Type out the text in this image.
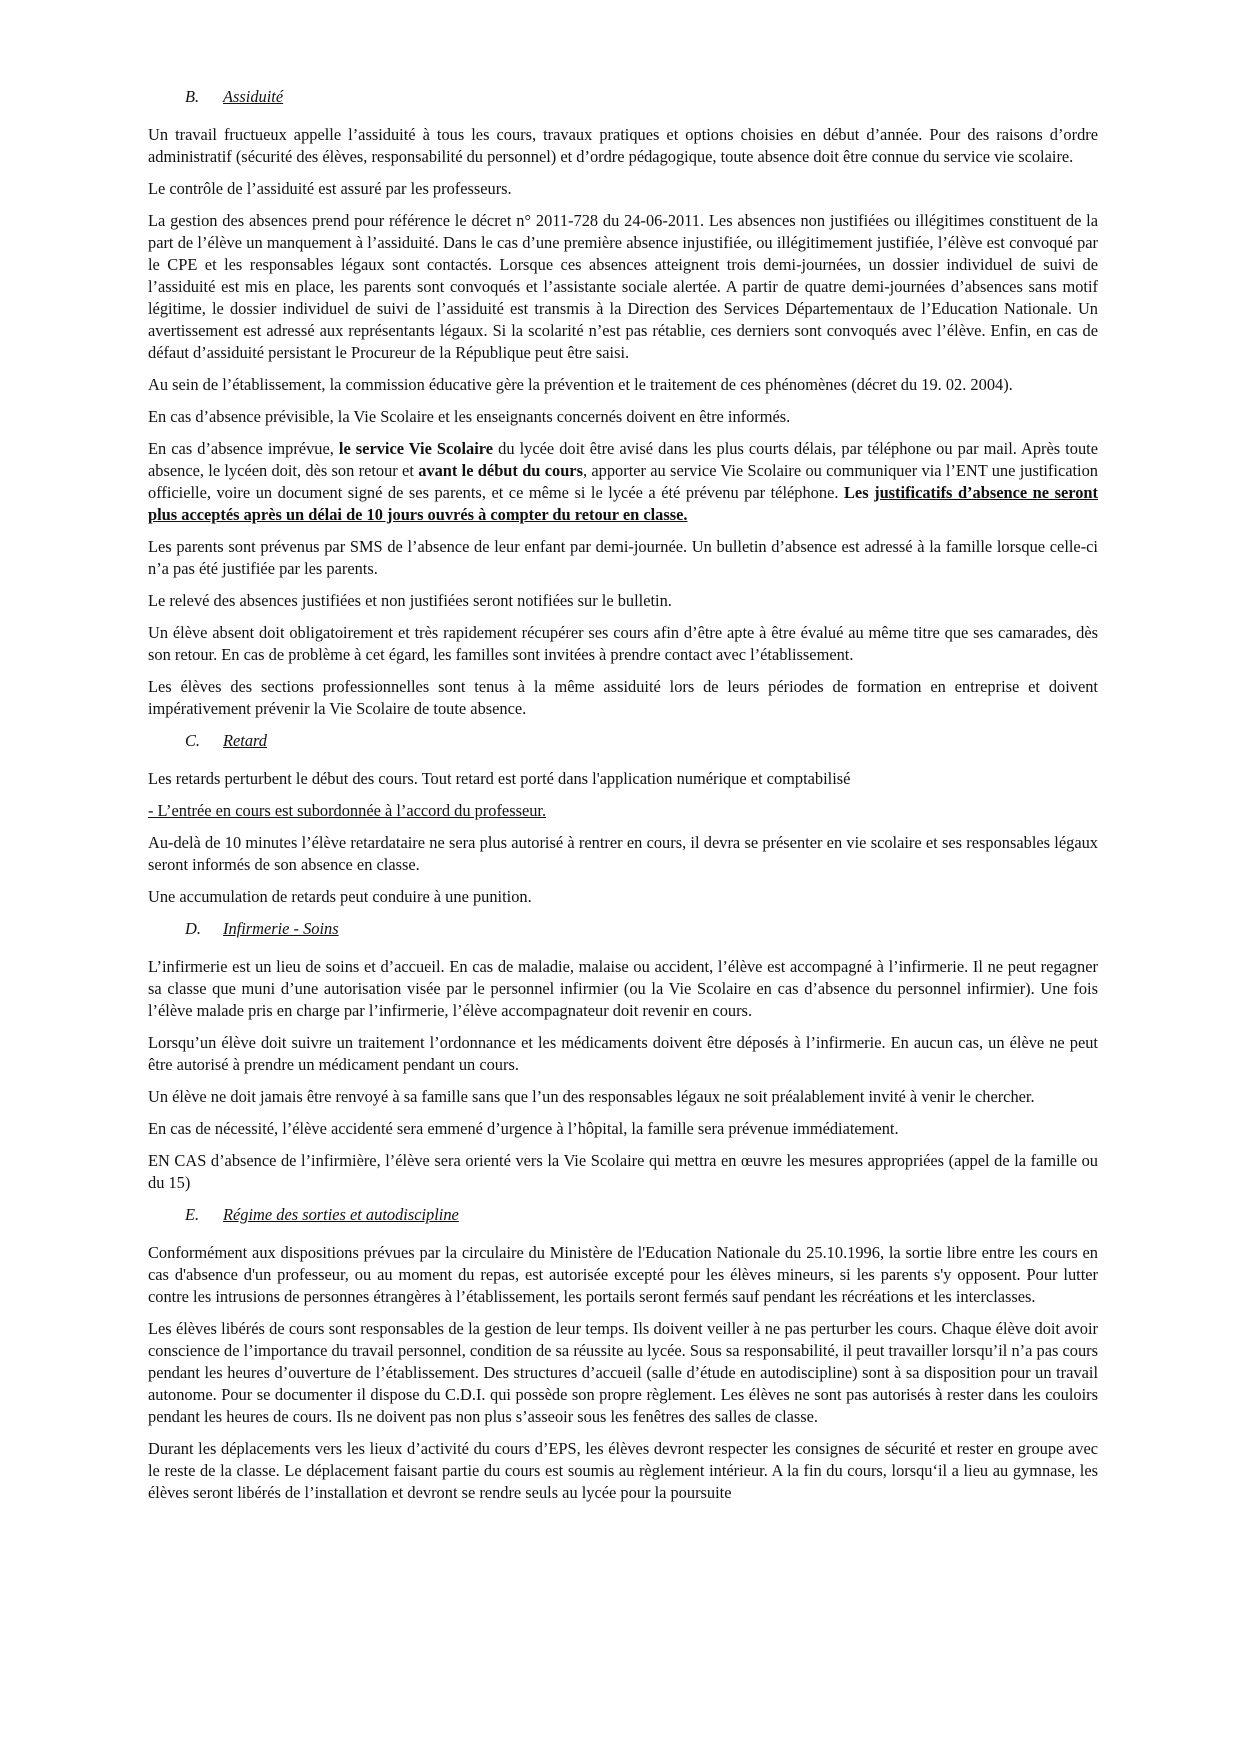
B. Assiduité

Un travail fructueux appelle l’assiduité à tous les cours, travaux pratiques et options choisies en début d’année. Pour des raisons d’ordre administratif (sécurité des élèves, responsabilité du personnel) et d’ordre pédagogique, toute absence doit être connue du service vie scolaire.

Le contrôle de l’assiduité est assuré par les professeurs.

La gestion des absences prend pour référence le décret n° 2011-728 du 24-06-2011. Les absences non justifiées ou illégitimes constituent de la part de l’élève un manquement à l’assiduité. Dans le cas d’une première absence injustifiée, ou illégitimement justifiée, l’élève est convoqué par le CPE et les responsables légaux sont contactés. Lorsque ces absences atteignent trois demi-journées, un dossier individuel de suivi de l’assiduité est mis en place, les parents sont convoqués et l’assistante sociale alertée. A partir de quatre demi-journées d’absences sans motif légitime, le dossier individuel de suivi de l’assiduité est transmis à la Direction des Services Départementaux de l’Education Nationale. Un avertissement est adressé aux représentants légaux. Si la scolarité n’est pas rétablie, ces derniers sont convoqués avec l’élève. Enfin, en cas de défaut d’assiduité persistant le Procureur de la République peut être saisi.

Au sein de l’établissement, la commission éducative gère la prévention et le traitement de ces phénomènes (décret du 19. 02. 2004).

En cas d’absence prévisible, la Vie Scolaire et les enseignants concernés doivent en être informés.

En cas d’absence imprévue, le service Vie Scolaire du lycée doit être avisé dans les plus courts délais, par téléphone ou par mail. Après toute absence, le lycéen doit, dès son retour et avant le début du cours, apporter au service Vie Scolaire ou communiquer via l’ENT une justification officielle, voire un document signé de ses parents, et ce même si le lycée a été prévenu par téléphone. Les justificatifs d’absence ne seront plus acceptés après un délai de 10 jours ouvrés à compter du retour en classe.

Les parents sont prévenus par SMS de l’absence de leur enfant par demi-journée. Un bulletin d’absence est adressé à la famille lorsque celle-ci n’a pas été justifiée par les parents.

Le relevé des absences justifiées et non justifiées seront notifiées sur le bulletin.

Un élève absent doit obligatoirement et très rapidement récupérer ses cours afin d’être apte à être évalué au même titre que ses camarades, dès son retour. En cas de problème à cet égard, les familles sont invitées à prendre contact avec l’établissement.

Les élèves des sections professionnelles sont tenus à la même assiduité lors de leurs périodes de formation en entreprise et doivent impérativement prévenir la Vie Scolaire de toute absence.

C. Retard

Les retards perturbent le début des cours. Tout retard est porté dans l'application numérique et comptabilisé

- L’entrée en cours est subordonnée à l’accord du professeur.

Au-delà de 10 minutes l’élève retardataire ne sera plus autorisé à rentrer en cours, il devra se présenter en vie scolaire et ses responsables légaux seront informés de son absence en classe.

Une accumulation de retards peut conduire à une punition.

D. Infirmerie - Soins

L’infirmerie est un lieu de soins et d’accueil. En cas de maladie, malaise ou accident, l’élève est accompagné à l’infirmerie. Il ne peut regagner sa classe que muni d’une autorisation visée par le personnel infirmier (ou la Vie Scolaire en cas d’absence du personnel infirmier). Une fois l’élève malade pris en charge par l’infirmerie, l’élève accompagnateur doit revenir en cours.

Lorsqu’un élève doit suivre un traitement l’ordonnance et les médicaments doivent être déposés à l’infirmerie. En aucun cas, un élève ne peut être autorisé à prendre un médicament pendant un cours.

Un élève ne doit jamais être renvoyé à sa famille sans que l’un des responsables légaux ne soit préalablement invité à venir le chercher.

En cas de nécessité, l’élève accidenté sera emmené d’urgence à l’hôpital, la famille sera prévenue immédiatement.

EN CAS d’absence de l’infirmière, l’élève sera orienté vers la Vie Scolaire qui mettra en œuvre les mesures appropriées (appel de la famille ou du 15)

E. Régime des sorties et autodiscipline

Conformément aux dispositions prévues par la circulaire du Ministère de l'Education Nationale du 25.10.1996, la sortie libre entre les cours en cas d'absence d'un professeur, ou au moment du repas, est autorisée excepté pour les élèves mineurs, si les parents s'y opposent. Pour lutter contre les intrusions de personnes étrangères à l’établissement, les portails seront fermés sauf pendant les récréations et les interclasses.

Les élèves libérés de cours sont responsables de la gestion de leur temps. Ils doivent veiller à ne pas perturber les cours. Chaque élève doit avoir conscience de l’importance du travail personnel, condition de sa réussite au lycée. Sous sa responsabilité, il peut travailler lorsqu’il n’a pas cours pendant les heures d’ouverture de l’établissement. Des structures d’accueil (salle d’étude en autodiscipline) sont à sa disposition pour un travail autonome. Pour se documenter il dispose du C.D.I. qui possède son propre règlement. Les élèves ne sont pas autorisés à rester dans les couloirs pendant les heures de cours. Ils ne doivent pas non plus s’asseoir sous les fenêtres des salles de classe.

Durant les déplacements vers les lieux d’activité du cours d’EPS, les élèves devront respecter les consignes de sécurité et rester en groupe avec le reste de la classe. Le déplacement faisant partie du cours est soumis au règlement intérieur. A la fin du cours, lorsqu‘il a lieu au gymnase, les élèves seront libérés de l’installation et devront se rendre seuls au lycée pour la poursuite
